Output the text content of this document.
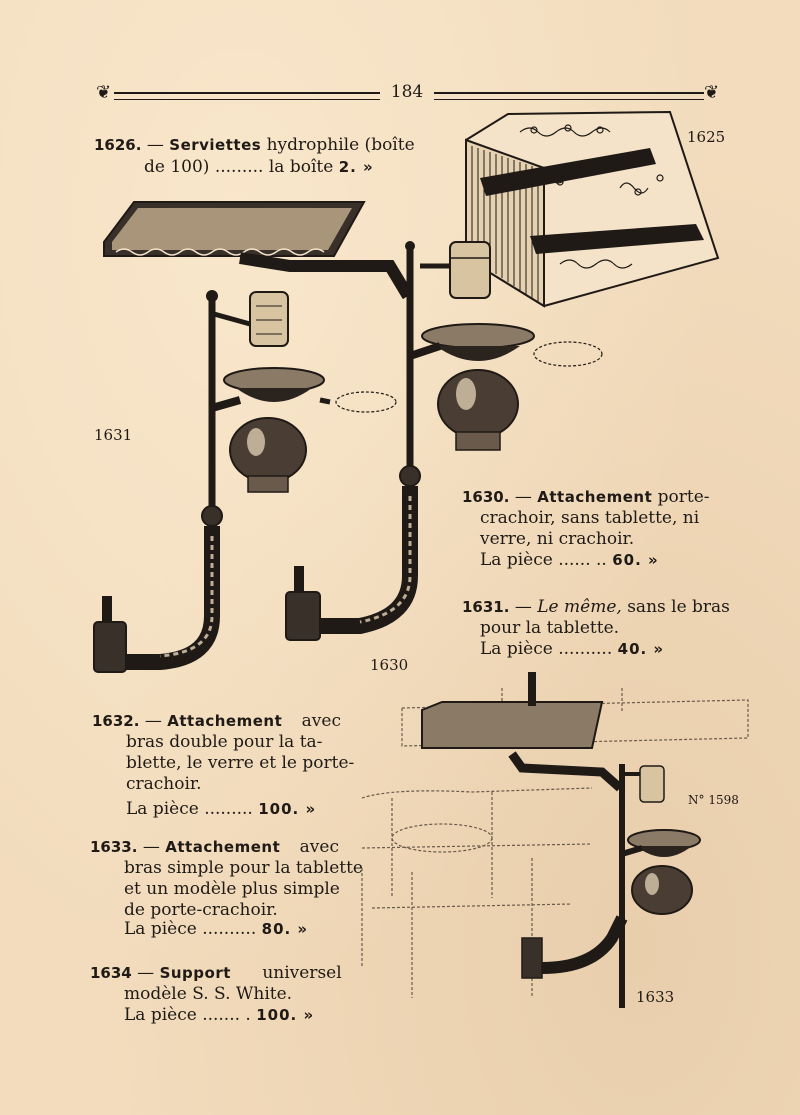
❦	184	❦
1626. — Serviettes hydrophile (boîte
de 100) ......... la boîte 2. »
1630. — Attachement porte-
crachoir, sans tablette, ni
verre, ni crachoir.
La pièce ...... .. 60. »
1631. — Le même, sans le bras
pour la tablette.
La pièce .......... 40. »
1632. — Attachement avec
bras double pour la ta-
blette, le verre et le porte-
crachoir.
La pièce ......... 100. »
1633. — Attachement avec
bras simple pour la tablette
et un modèle plus simple
de porte-crachoir.
La pièce .......... 80. »
1634 — Support universel
modèle S. S. White.
La pièce ....... . 100. »
1625
1631
1630
N° 1598
1633
